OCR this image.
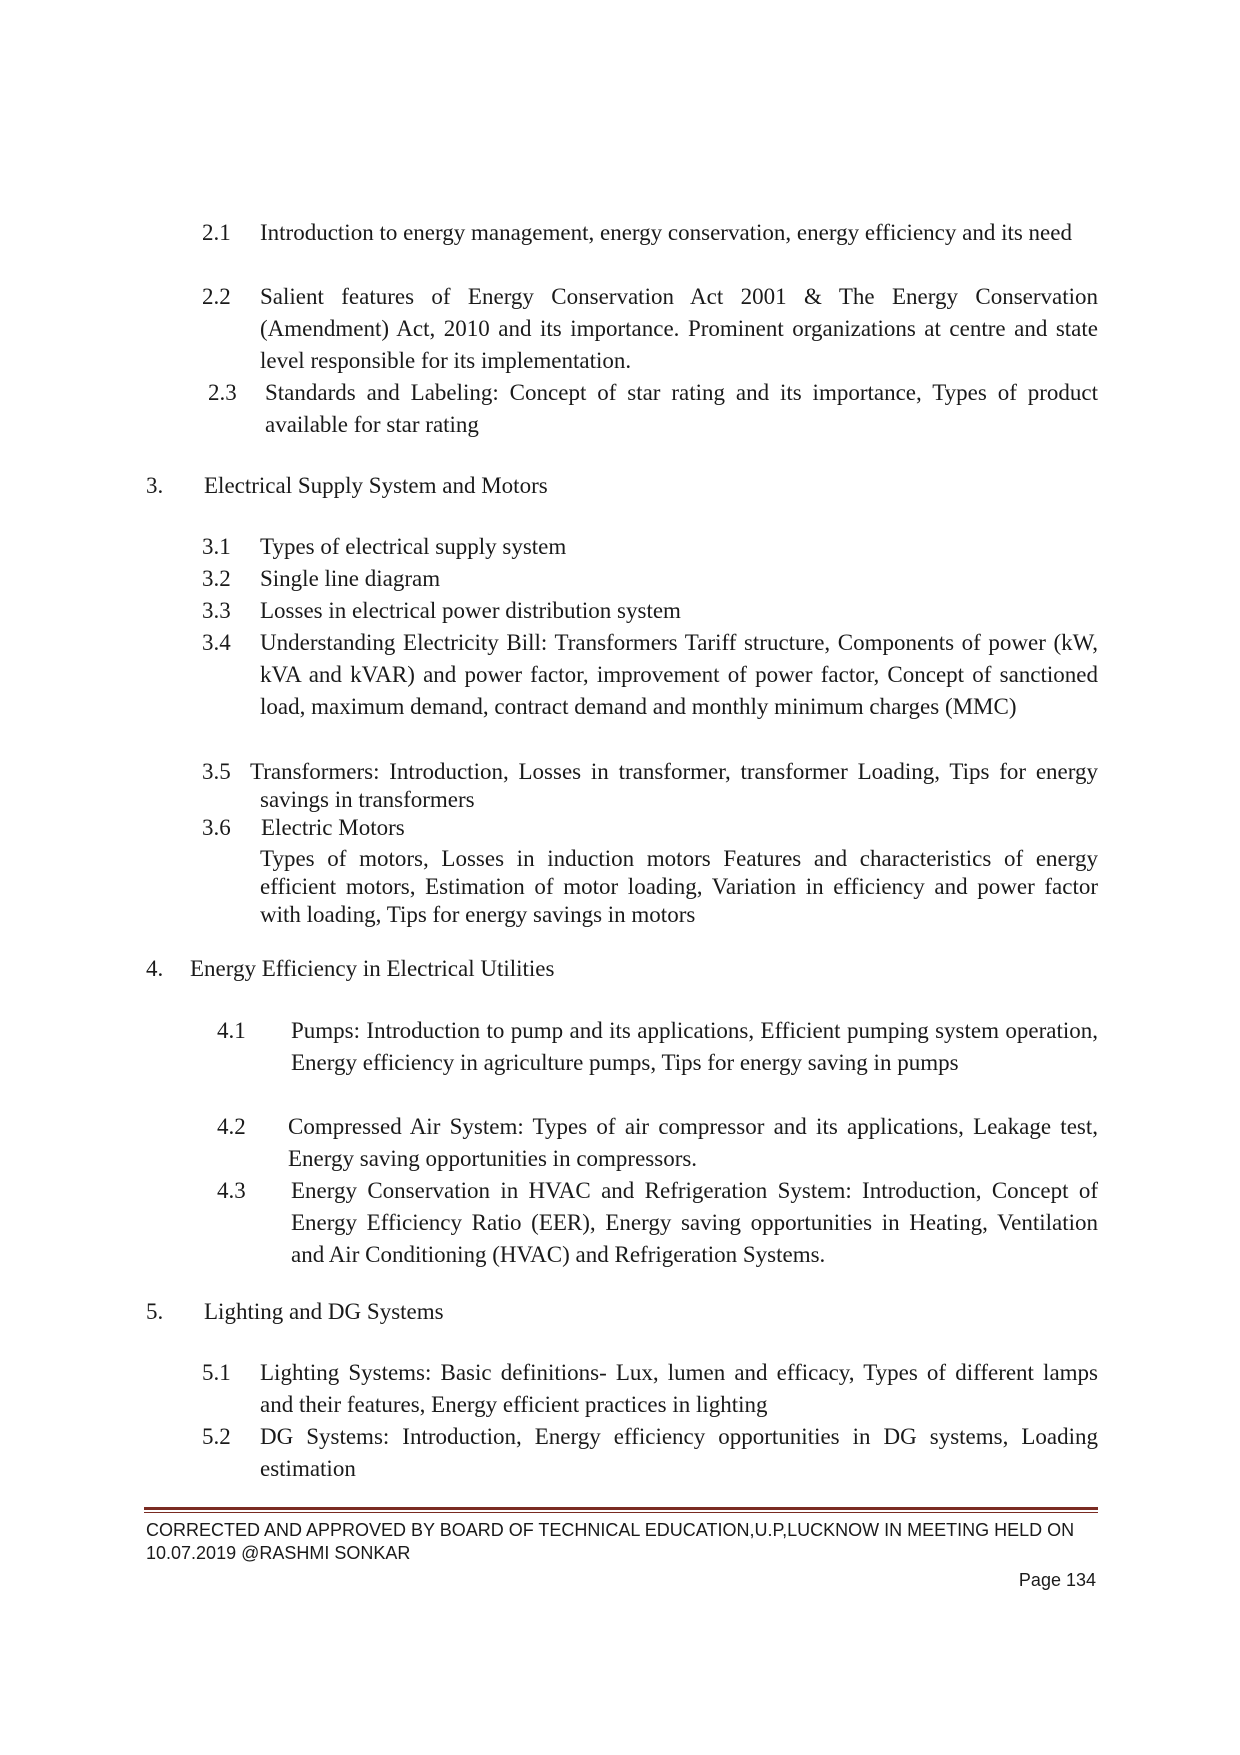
2.1 Introduction to energy management, energy conservation, energy efficiency and its need
2.2 Salient features of Energy Conservation Act 2001 & The Energy Conservation (Amendment) Act, 2010 and its importance. Prominent organizations at centre and state level responsible for its implementation.
2.3 Standards and Labeling: Concept of star rating and its importance, Types of product available for star rating
3. Electrical Supply System and Motors
3.1 Types of electrical supply system
3.2 Single line diagram
3.3 Losses in electrical power distribution system
3.4 Understanding Electricity Bill: Transformers Tariff structure, Components of power (kW, kVA and kVAR) and power factor, improvement of power factor, Concept of sanctioned load, maximum demand, contract demand and monthly minimum charges (MMC)
3.5 Transformers: Introduction, Losses in transformer, transformer Loading, Tips for energy savings in transformers
3.6 Electric Motors
Types of motors, Losses in induction motors Features and characteristics of energy efficient motors, Estimation of motor loading, Variation in efficiency and power factor with loading, Tips for energy savings in motors
4. Energy Efficiency in Electrical Utilities
4.1 Pumps: Introduction to pump and its applications, Efficient pumping system operation, Energy efficiency in agriculture pumps, Tips for energy saving in pumps
4.2 Compressed Air System: Types of air compressor and its applications, Leakage test, Energy saving opportunities in compressors.
4.3 Energy Conservation in HVAC and Refrigeration System: Introduction, Concept of Energy Efficiency Ratio (EER), Energy saving opportunities in Heating, Ventilation and Air Conditioning (HVAC) and Refrigeration Systems.
5. Lighting and DG Systems
5.1 Lighting Systems: Basic definitions- Lux, lumen and efficacy, Types of different lamps and their features, Energy efficient practices in lighting
5.2 DG Systems: Introduction, Energy efficiency opportunities in DG systems, Loading estimation
CORRECTED AND APPROVED BY BOARD OF TECHNICAL EDUCATION,U.P,LUCKNOW IN MEETING HELD ON
10.07.2019 @RASHMI SONKAR
Page 134
